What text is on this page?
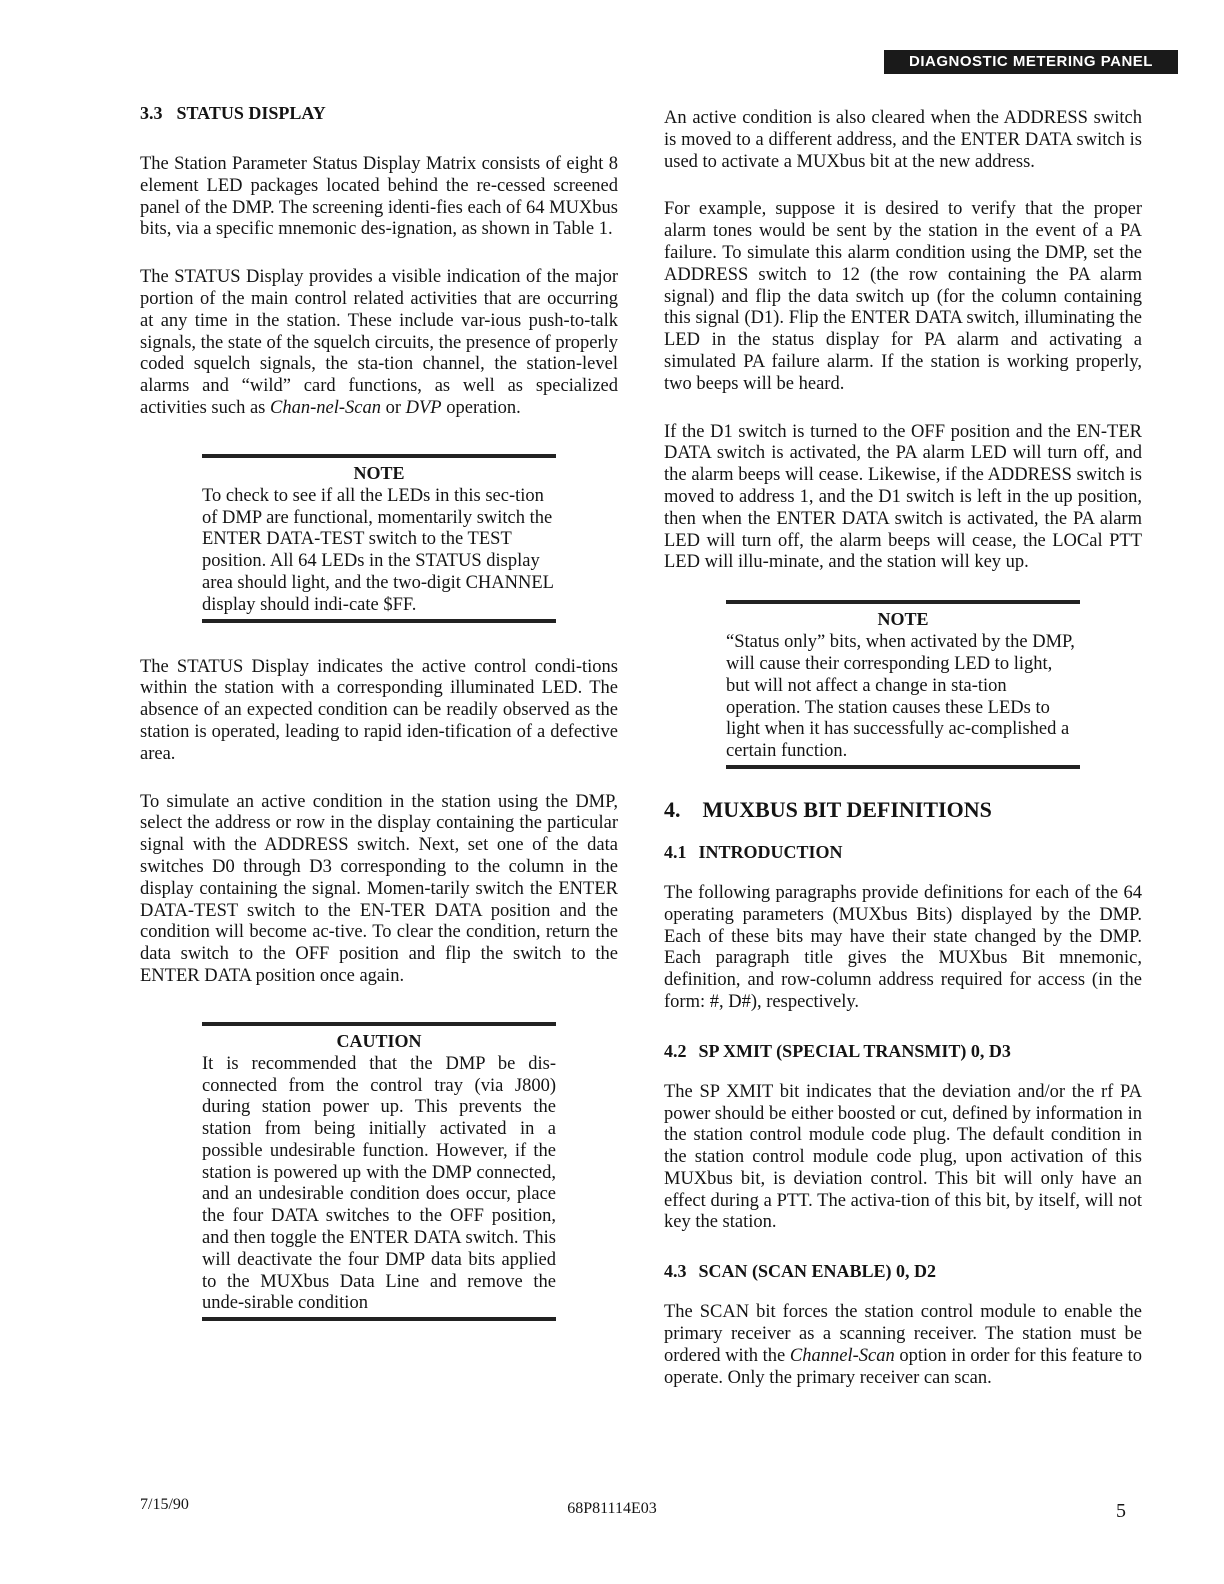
DIAGNOSTIC METERING PANEL
3.3 STATUS DISPLAY

The Station Parameter Status Display Matrix consists of eight 8 element LED packages located behind the re-cessed screened panel of the DMP. The screening identi-fies each of 64 MUXbus bits, via a specific mnemonic des-ignation, as shown in Table 1.

The STATUS Display provides a visible indication of the major portion of the main control related activities that are occurring at any time in the station. These include var-ious push-to-talk signals, the state of the squelch circuits, the presence of properly coded squelch signals, the sta-tion channel, the station-level alarms and “wild” card functions, as well as specialized activities such as Chan-nel-Scan or DVP operation.

NOTE

To check to see if all the LEDs in this sec-tion of DMP are functional, momentarily switch the ENTER DATA-TEST switch to the TEST position. All 64 LEDs in the STATUS display area should light, and the two-digit CHANNEL display should indi-cate $FF.

The STATUS Display indicates the active control condi-tions within the station with a corresponding illuminated LED. The absence of an expected condition can be readily observed as the station is operated, leading to rapid iden-tification of a defective area.

To simulate an active condition in the station using the DMP, select the address or row in the display containing the particular signal with the ADDRESS switch. Next, set one of the data switches D0 through D3 corresponding to the column in the display containing the signal. Momen-tarily switch the ENTER DATA-TEST switch to the EN-TER DATA position and the condition will become ac-tive. To clear the condition, return the data switch to the OFF position and flip the switch to the ENTER DATA position once again.

CAUTION

It is recommended that the DMP be dis-connected from the control tray (via J800) during station power up. This prevents the station from being initially activated in a possible undesirable function. However, if the station is powered up with the DMP connected, and an undesirable condition does occur, place the four DATA switches to the OFF position, and then toggle the ENTER DATA switch. This will deactivate the four DMP data bits applied to the MUXbus Data Line and remove the unde-sirable condition

An active condition is also cleared when the ADDRESS switch is moved to a different address, and the ENTER DATA switch is used to activate a MUXbus bit at the new address.

For example, suppose it is desired to verify that the proper alarm tones would be sent by the station in the event of a PA failure. To simulate this alarm condition using the DMP, set the ADDRESS switch to 12 (the row containing the PA alarm signal) and flip the data switch up (for the column containing this signal (D1). Flip the ENTER DATA switch, illuminating the LED in the status display for PA alarm and activating a simulated PA failure alarm. If the station is working properly, two beeps will be heard.

If the D1 switch is turned to the OFF position and the EN-TER DATA switch is activated, the PA alarm LED will turn off, and the alarm beeps will cease. Likewise, if the ADDRESS switch is moved to address 1, and the D1 switch is left in the up position, then when the ENTER DATA switch is activated, the PA alarm LED will turn off, the alarm beeps will cease, the LOCal PTT LED will illu-minate, and the station will key up.

NOTE

“Status only” bits, when activated by the DMP, will cause their corresponding LED to light, but will not affect a change in sta-tion operation. The station causes these LEDs to light when it has successfully ac-complished a certain function.

4. MUXBUS BIT DEFINITIONS
4.1 INTRODUCTION

The following paragraphs provide definitions for each of the 64 operating parameters (MUXbus Bits) displayed by the DMP. Each of these bits may have their state changed by the DMP. Each paragraph title gives the MUXbus Bit mnemonic, definition, and row-column address required for access (in the form: #, D#), respectively.

4.2 SP XMIT (SPECIAL TRANSMIT) 0, D3

The SP XMIT bit indicates that the deviation and/or the rf PA power should be either boosted or cut, defined by information in the station control module code plug. The default condition in the station control module code plug, upon activation of this MUXbus bit, is deviation control. This bit will only have an effect during a PTT. The activa-tion of this bit, by itself, will not key the station.

4.3 SCAN (SCAN ENABLE) 0, D2

The SCAN bit forces the station control module to enable the primary receiver as a scanning receiver. The station must be ordered with the Channel-Scan option in order for this feature to operate. Only the primary receiver can scan.

7/15/90	68P81114E03	5
